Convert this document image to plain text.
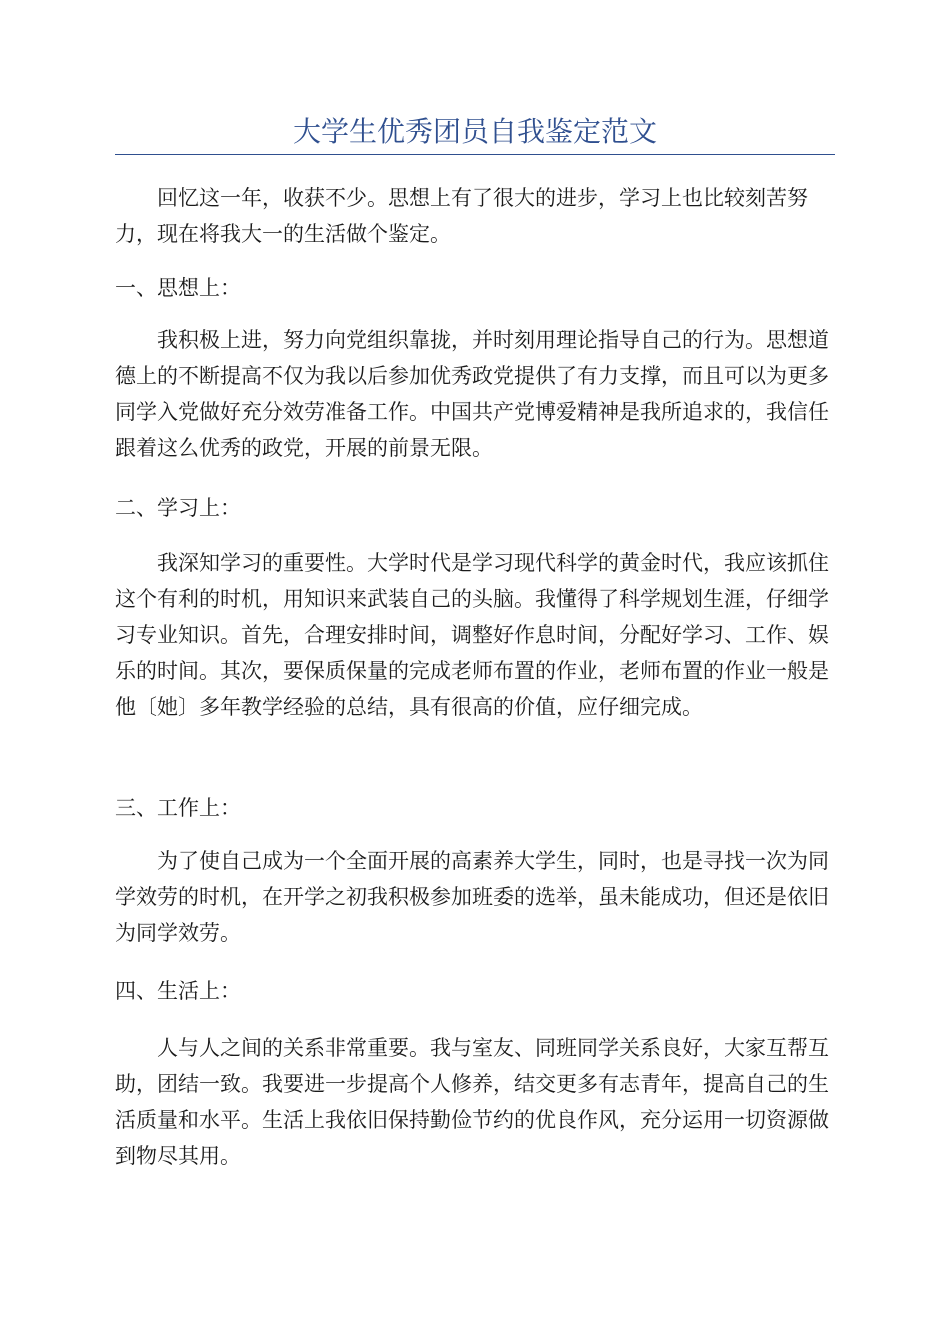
大学生优秀团员自我鉴定范文

回忆这一年，收获不少。思想上有了很大的进步，学习上也比较刻苦努力，现在将我大一的生活做个鉴定。

一、思想上：

我积极上进，努力向党组织靠拢，并时刻用理论指导自己的行为。思想道德上的不断提高不仅为我以后参加优秀政党提供了有力支撑，而且可以为更多同学入党做好充分效劳准备工作。中国共产党博爱精神是我所追求的，我信任跟着这么优秀的政党，开展的前景无限。

二、学习上：

我深知学习的重要性。大学时代是学习现代科学的黄金时代，我应该抓住这个有利的时机，用知识来武装自己的头脑。我懂得了科学规划生涯，仔细学习专业知识。首先，合理安排时间，调整好作息时间，分配好学习、工作、娱乐的时间。其次，要保质保量的完成老师布置的作业，老师布置的作业一般是他〔她〕多年教学经验的总结，具有很高的价值，应仔细完成。

三、工作上：

为了使自己成为一个全面开展的高素养大学生，同时，也是寻找一次为同学效劳的时机，在开学之初我积极参加班委的选举，虽未能成功，但还是依旧为同学效劳。

四、生活上：

人与人之间的关系非常重要。我与室友、同班同学关系良好，大家互帮互助，团结一致。我要进一步提高个人修养，结交更多有志青年，提高自己的生活质量和水平。生活上我依旧保持勤俭节约的优良作风，充分运用一切资源做到物尽其用。
